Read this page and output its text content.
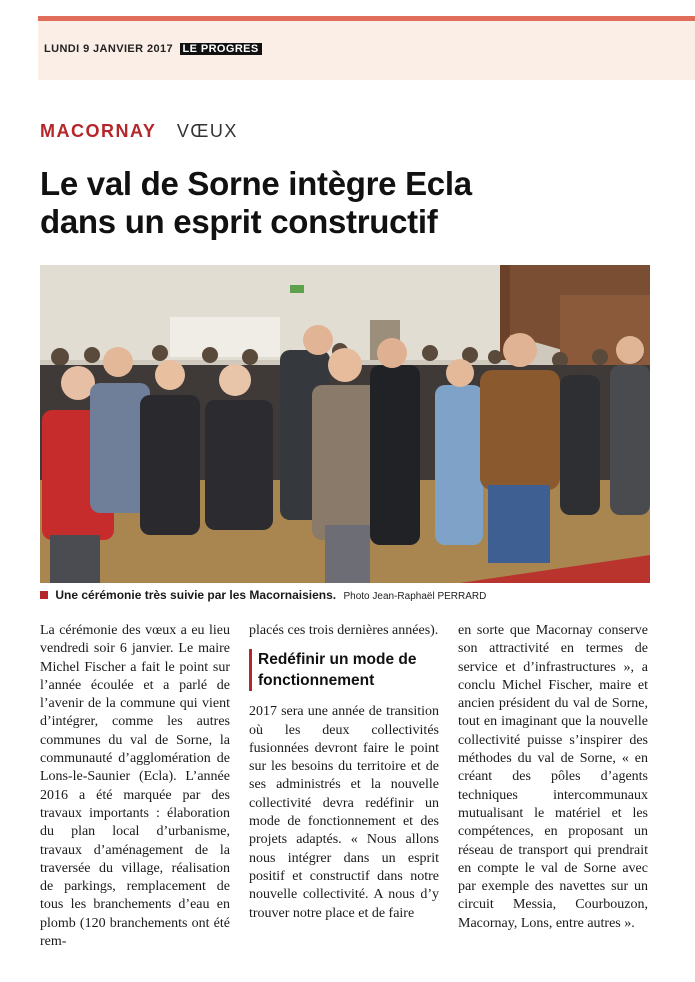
LUNDI 9 JANVIER 2017 LE PROGRES
MACORNAY VŒUX
Le val de Sorne intègre Ecla
dans un esprit constructif
Une cérémonie très suivie par les Macornaisiens. Photo Jean-Raphaël PERRARD

La cérémonie des vœux a eu lieu vendredi soir 6 janvier. Le maire Michel Fischer a fait le point sur l’année écoulée et a parlé de l’avenir de la commune qui vient d’intégrer, comme les autres communes du val de Sorne, la communauté d’agglomération de Lons-le-Saunier (Ecla). L’année 2016 a été marquée par des travaux importants : élaboration du plan local d’urbanisme, travaux d’aménagement de la traversée du village, réalisation de parkings, remplacement de tous les branchements d’eau en plomb (120 branchements ont été rem-

placés ces trois dernières années).

Redéfinir un mode de fonctionnement

2017 sera une année de transition où les deux collectivités fusionnées devront faire le point sur les besoins du territoire et de ses administrés et la nouvelle collectivité devra redéfinir un mode de fonctionnement et des projets adaptés. « Nous allons nous intégrer dans un esprit positif et constructif dans notre nouvelle collectivité. A nous d’y trouver notre place et de faire

en sorte que Macornay conserve son attractivité en termes de service et d’infrastructures », a conclu Michel Fischer, maire et ancien président du val de Sorne, tout en imaginant que la nouvelle collectivité puisse s’inspirer des méthodes du val de Sorne, « en créant des pôles d’agents techniques intercommunaux mutualisant le matériel et les compétences, en proposant un réseau de transport qui prendrait en compte le val de Sorne avec par exemple des navettes sur un circuit Messia, Courbouzon, Macornay, Lons, entre autres ».
